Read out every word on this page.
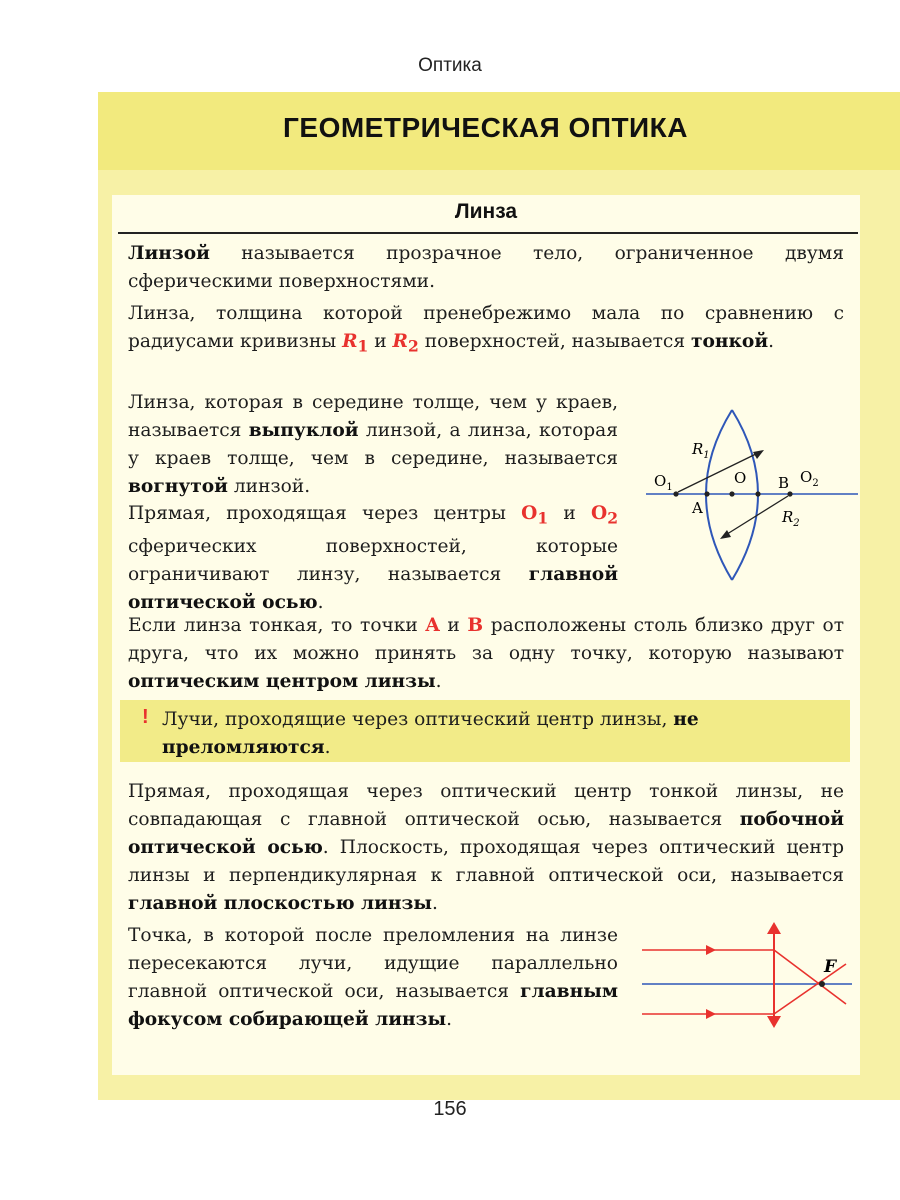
Оптика
ГЕОМЕТРИЧЕСКАЯ ОПТИКА
Линза

Линзой называется прозрачное тело, ограниченное двумя сферическими поверхностями.

Линза, толщина которой пренебрежимо мала по сравнению с радиусами кривизны $R_1$ и $R_2$ поверхностей, называется тонкой.

Линза, которая в середине толще, чем у краев, называется выпуклой линзой, а линза, которая у краев толще, чем в середине, называется вогнутой линзой.

Прямая, проходящая через центры $O_1$ и $O_2$ сферических поверхностей, которые ограничивают линзу, называется главной оптической осью.

$O_1$
O
A
B $O_2$
$R_1$
$R_2$

Если линза тонкая, то точки A и B расположены столь близко друг от друга, что их можно принять за одну точку, которую называют оптическим центром линзы.

! Лучи, проходящие через оптический центр линзы, не преломляются.

Прямая, проходящая через оптический центр тонкой линзы, не совпадающая с главной оптической осью, называется побочной оптической осью. Плоскость, проходящая через оптический центр линзы и перпендикулярная к главной оптической оси, называется главной плоскостью линзы.

Точка, в которой после преломления на линзе пересекаются лучи, идущие параллельно главной оптической оси, называется главным фокусом собирающей линзы.

F
156
